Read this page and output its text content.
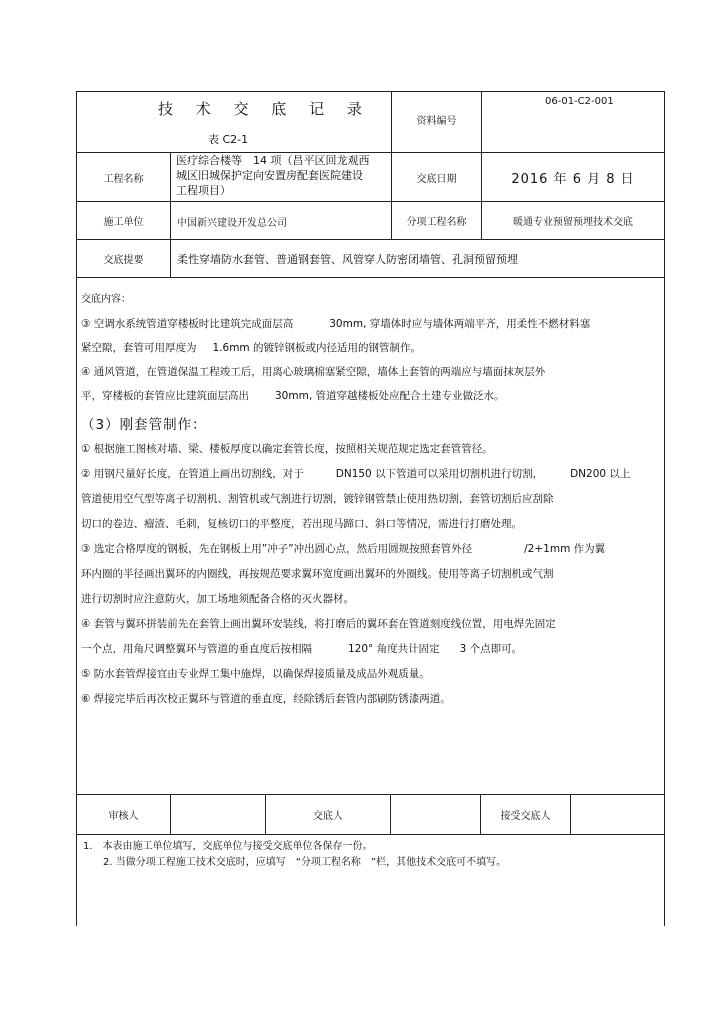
技 术 交 底 记 录
表 C2-1
资料编号
06-01-C2-001
工程名称
医疗综合楼等　14 项（昌平区回龙观西
城区旧城保护定向安置房配套医院建设
工程项目）
交底日期	2016 年 6 月 8 日
施工单位	中国新兴建设开发总公司	分项工程名称	暖通专业预留预埋技术交底
交底提要	柔性穿墙防水套管、普通钢套管、风管穿人防密闭墙管、孔洞预留预埋
交底内容：
③ 空调水系统管道穿楼板时比建筑完成面层高	30mm, 穿墙体时应与墙体两端平齐，用柔性不燃材料塞
紧空隙，套管可用厚度为 1.6mm 的镀锌钢板或内径适用的钢管制作。
④ 通风管道，在管道保温工程竣工后，用离心玻璃棉塞紧空隙，墙体上套管的两端应与墙面抹灰层外
平，穿楼板的套管应比建筑面层高出 30mm, 管道穿越楼板处应配合土建专业做泛水。
（3）刚套管制作：
① 根据施工图核对墙、梁、楼板厚度以确定套管长度，按照相关规范规定选定套管管径。
② 用钢尺量好长度，在管道上画出切割线，对于	DN150 以下管道可以采用切割机进行切割，	DN200 以上
管道使用空气型等离子切割机、割管机或气割进行切割，镀锌钢管禁止使用热切割，套管切割后应刮除
切口的卷边、瘤渣、毛刺，复核切口的平整度，若出现马蹄口、斜口等情况，需进行打磨处理。
③ 选定合格厚度的钢板，先在钢板上用”冲子”冲出圆心点，然后用圆规按照套管外径	/2+1mm 作为翼
环内圈的半径画出翼环的内圈线，再按规范要求翼环宽度画出翼环的外圈线。使用等离子切割机或气割
进行切割时应注意防火，加工场地须配备合格的灭火器材。
④ 套管与翼环拼装前先在套管上画出翼环安装线，将打磨后的翼环套在管道刻度线位置，用电焊先固定
一个点，用角尺调整翼环与管道的垂直度后按相隔	120° 角度共计固定 3 个点即可。
⑤ 防水套管焊接宜由专业焊工集中施焊，以确保焊接质量及成品外观质量。
⑥ 焊接完毕后再次校正翼环与管道的垂直度，经除锈后套管内部刷防锈漆两道。
审核人	交底人	接受交底人
1.　本表由施工单位填写，交底单位与接受交底单位各保存一份。
2. 当做分项工程施工技术交底时，应填写　“分项工程名称　”栏，其他技术交底可不填写。
